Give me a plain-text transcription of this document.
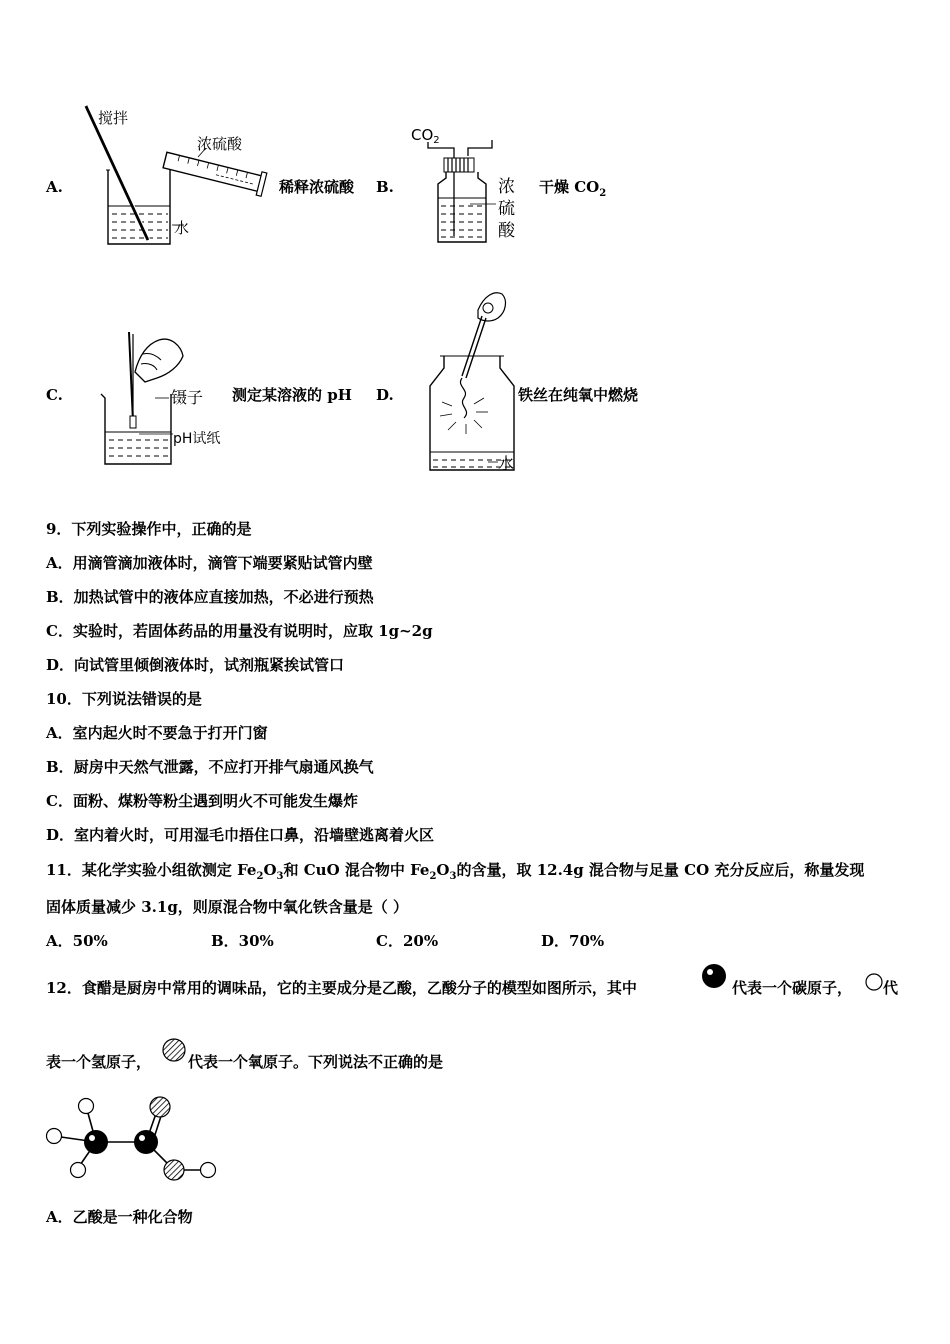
A.
搅拌
浓硫酸
水
稀释浓硫酸 B.
$CO_2$
浓
硫
酸
干燥 $CO_2$
C.	镊子
pH试纸
测定某溶液的 pH D.
水
铁丝在纯氧中燃烧
9．下列实验操作中，正确的是
A．用滴管滴加液体时，滴管下端要紧贴试管内壁
B．加热试管中的液体应直接加热，不必进行预热
C．实验时，若固体药品的用量没有说明时，应取 1g~2g
D．向试管里倾倒液体时，试剂瓶紧挨试管口
10．下列说法错误的是
A．室内起火时不要急于打开门窗
B．厨房中天然气泄露，不应打开排气扇通风换气
C．面粉、煤粉等粉尘遇到明火不可能发生爆炸
D．室内着火时，可用湿毛巾捂住口鼻，沿墙壁逃离着火区
11．某化学实验小组欲测定 $Fe_2O_3$和 CuO 混合物中 $Fe_2O_3$的含量，取 12.4g 混合物与足量 CO 充分反应后，称量发现
固体质量减少 3.1g，则原混合物中氧化铁含量是（ ）
A．50%	B．30%	C．20%	D．70%
12．食醋是厨房中常用的调味品，它的主要成分是乙酸，乙酸分子的模型如图所示，其中	代表一个碳原子， 代
表一个氢原子， 代表一个氧原子。下列说法不正确的是
A．乙酸是一种化合物
